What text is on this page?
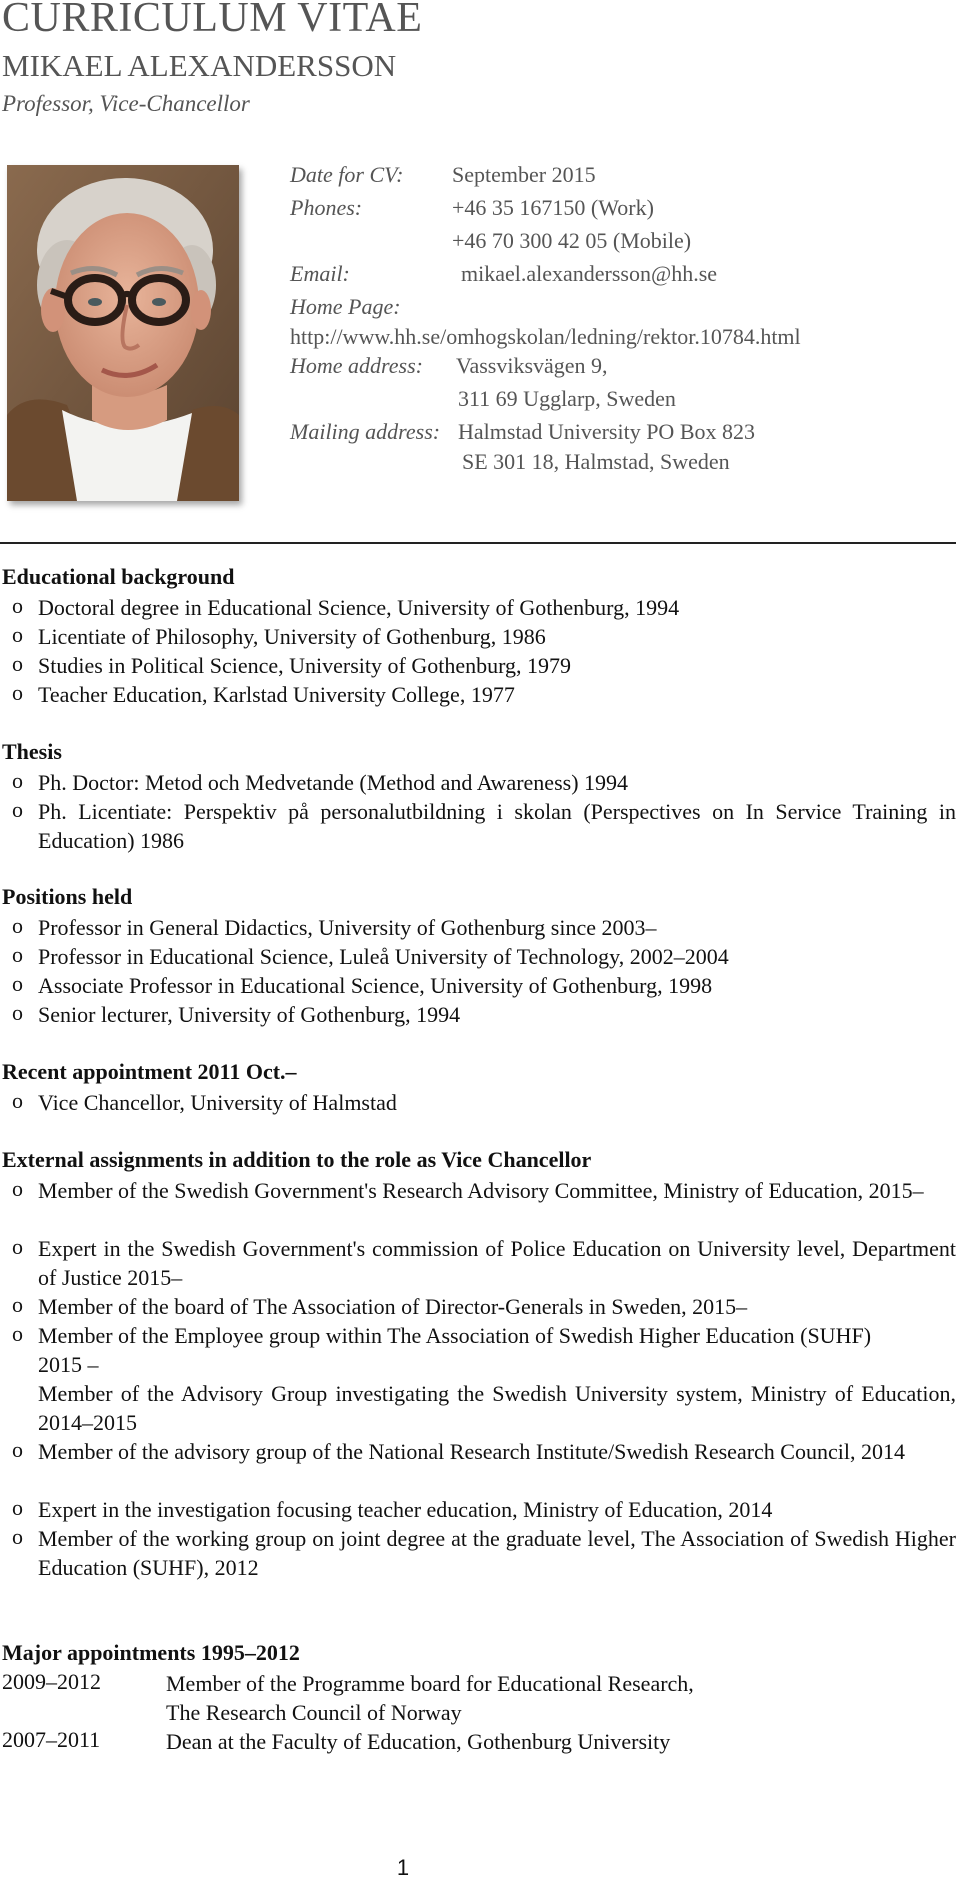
CURRICULUM VITAE
MIKAEL ALEXANDERSSON
Professor, Vice-Chancellor
Date for CV: September 2015
Phones:	+46 35 167150 (Work)
+46 70 300 42 05 (Mobile)
Email:	mikael.alexandersson@hh.se
Home Page:
http://www.hh.se/omhogskolan/ledning/rektor.10784.html
Home address: Vassviksvägen 9,
311 69 Ugglarp, Sweden
Mailing address: Halmstad University PO Box 823
SE 301 18, Halmstad, Sweden
Educational background
o Doctoral degree in Educational Science, University of Gothenburg, 1994
o Licentiate of Philosophy, University of Gothenburg, 1986
o Studies in Political Science, University of Gothenburg, 1979
o Teacher Education, Karlstad University College, 1977
Thesis
o Ph. Doctor: Metod och Medvetande (Method and Awareness) 1994
o Ph. Licentiate: Perspektiv på personalutbildning i skolan (Perspectives on In Service Training in Education) 1986
Positions held
o Professor in General Didactics, University of Gothenburg since 2003–
o Professor in Educational Science, Luleå University of Technology, 2002–2004
o Associate Professor in Educational Science, University of Gothenburg, 1998
o Senior lecturer, University of Gothenburg, 1994
Recent appointment 2011 Oct.–
o Vice Chancellor, University of Halmstad
External assignments in addition to the role as Vice Chancellor
o Member of the Swedish Government's Research Advisory Committee, Ministry of Education, 2015–
o Expert in the Swedish Government's commission of Police Education on University level, Department of Justice 2015–
o Member of the board of The Association of Director-Generals in Sweden, 2015–
o Member of the Employee group within The Association of Swedish Higher Education (SUHF) 2015 –
Member of the Advisory Group investigating the Swedish University system, Ministry of Education, 2014–2015
o Member of the advisory group of the National Research Institute/Swedish Research Council, 2014
o Expert in the investigation focusing teacher education, Ministry of Education, 2014
o Member of the working group on joint degree at the graduate level, The Association of Swedish Higher Education (SUHF), 2012
Major appointments 1995–2012
2009–2012	Member of the Programme board for Educational Research,
The Research Council of Norway
2007–2011	Dean at the Faculty of Education, Gothenburg University
1
